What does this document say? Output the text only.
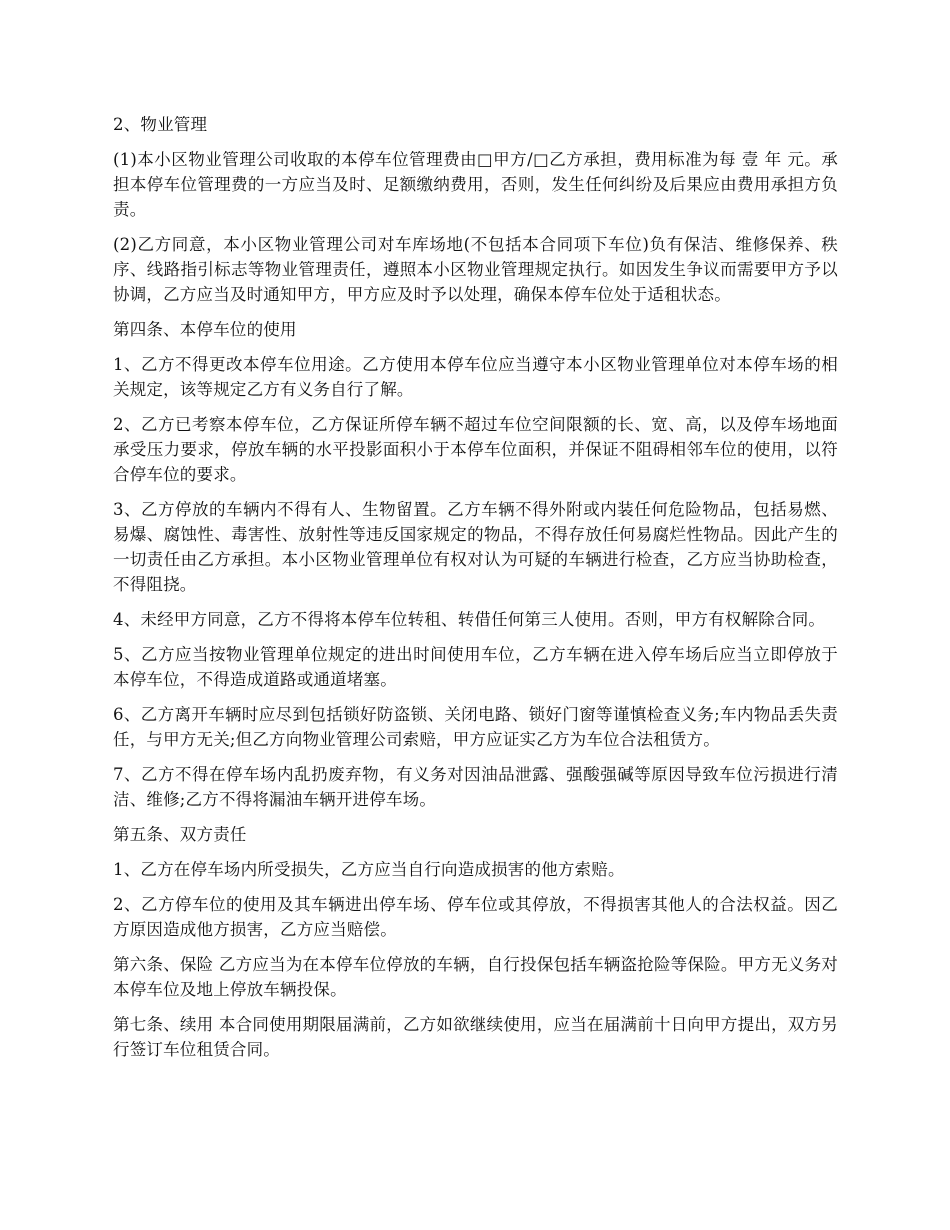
2、物业管理

(1)本小区物业管理公司收取的本停车位管理费由□甲方/□乙方承担，费用标准为每 壹 年 元。承担本停车位管理费的一方应当及时、足额缴纳费用，否则，发生任何纠纷及后果应由费用承担方负责。

(2)乙方同意，本小区物业管理公司对车库场地(不包括本合同项下车位)负有保洁、维修保养、秩序、线路指引标志等物业管理责任，遵照本小区物业管理规定执行。如因发生争议而需要甲方予以协调，乙方应当及时通知甲方，甲方应及时予以处理，确保本停车位处于适租状态。

第四条、本停车位的使用

1、乙方不得更改本停车位用途。乙方使用本停车位应当遵守本小区物业管理单位对本停车场的相关规定，该等规定乙方有义务自行了解。

2、乙方已考察本停车位，乙方保证所停车辆不超过车位空间限额的长、宽、高，以及停车场地面承受压力要求，停放车辆的水平投影面积小于本停车位面积，并保证不阻碍相邻车位的使用，以符合停车位的要求。

3、乙方停放的车辆内不得有人、生物留置。乙方车辆不得外附或内装任何危险物品，包括易燃、易爆、腐蚀性、毒害性、放射性等违反国家规定的物品，不得存放任何易腐烂性物品。因此产生的一切责任由乙方承担。本小区物业管理单位有权对认为可疑的车辆进行检查，乙方应当协助检查，不得阻挠。

4、未经甲方同意，乙方不得将本停车位转租、转借任何第三人使用。否则，甲方有权解除合同。

5、乙方应当按物业管理单位规定的进出时间使用车位，乙方车辆在进入停车场后应当立即停放于本停车位，不得造成道路或通道堵塞。

6、乙方离开车辆时应尽到包括锁好防盗锁、关闭电路、锁好门窗等谨慎检查义务;车内物品丢失责任，与甲方无关;但乙方向物业管理公司索赔，甲方应证实乙方为车位合法租赁方。

7、乙方不得在停车场内乱扔废弃物，有义务对因油品泄露、强酸强碱等原因导致车位污损进行清洁、维修;乙方不得将漏油车辆开进停车场。

第五条、双方责任

1、乙方在停车场内所受损失，乙方应当自行向造成损害的他方索赔。

2、乙方停车位的使用及其车辆进出停车场、停车位或其停放，不得损害其他人的合法权益。因乙方原因造成他方损害，乙方应当赔偿。

第六条、保险 乙方应当为在本停车位停放的车辆，自行投保包括车辆盗抢险等保险。甲方无义务对本停车位及地上停放车辆投保。

第七条、续用 本合同使用期限届满前，乙方如欲继续使用，应当在届满前十日向甲方提出，双方另行签订车位租赁合同。
